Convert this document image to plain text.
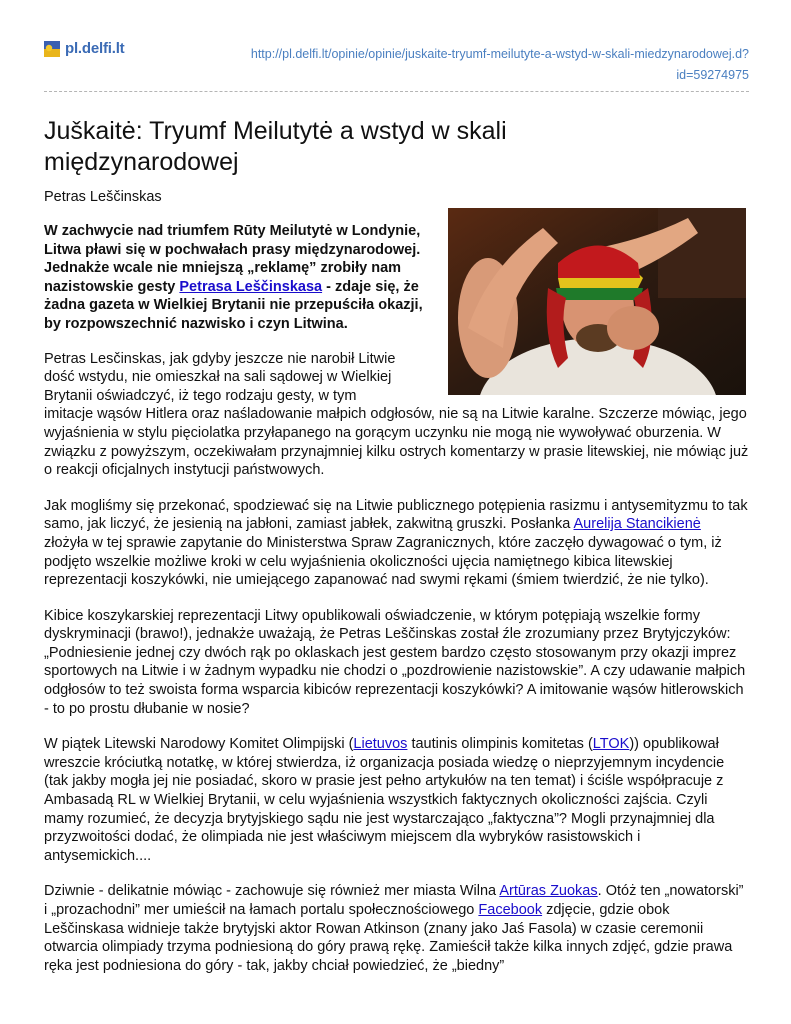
pl.delfi.lt	http://pl.delfi.lt/opinie/opinie/juskaite-tryumf-meilutyte-a-wstyd-w-skali-miedzynarodowej.d?
id=59274975
Juškaitė: Tryumf Meilutytė a wstyd w skali międzynarodowej
Petras Leščinskas

W zachwycie nad triumfem Rūty Meilutytė w Londynie, Litwa pławi się w pochwałach prasy międzynarodowej. Jednakże wcale nie mniejszą „reklamę” zrobiły nam nazistowskie gesty Petrasa Leščinskasa - zdaje się, że żadna gazeta w Wielkiej Brytanii nie przepuściła okazji, by rozpowszechnić nazwisko i czyn Litwina.

Petras Lesčinskas, jak gdyby jeszcze nie narobił Litwie dość wstydu, nie omieszkał na sali sądowej w Wielkiej Brytanii oświadczyć, iż tego rodzaju gesty, w tym
imitacje wąsów Hitlera oraz naśladowanie małpich odgłosów, nie są na Litwie karalne. Szczerze mówiąc, jego wyjaśnienia w stylu pięciolatka przyłapanego na gorącym uczynku nie mogą nie wywoływać oburzenia. W związku z powyższym, oczekiwałam przynajmniej kilku ostrych komentarzy w prasie litewskiej, nie mówiąc już o reakcji oficjalnych instytucji państwowych.

Jak mogliśmy się przekonać, spodziewać się na Litwie publicznego potępienia rasizmu i antysemityzmu to tak samo, jak liczyć, że jesienią na jabłoni, zamiast jabłek, zakwitną gruszki. Posłanka Aurelija Stancikienė złożyła w tej sprawie zapytanie do Ministerstwa Spraw Zagranicznych, które zaczęło dywagować o tym, iż podjęto wszelkie możliwe kroki w celu wyjaśnienia okoliczności ujęcia namiętnego kibica litewskiej reprezentacji koszykówki, nie umiejącego zapanować nad swymi rękami (śmiem twierdzić, że nie tylko).

Kibice koszykarskiej reprezentacji Litwy opublikowali oświadczenie, w którym potępiają wszelkie formy dyskryminacji (brawo!), jednakże uważają, że Petras Leščinskas został źle zrozumiany przez Brytyjczyków: „Podniesienie jednej czy dwóch rąk po oklaskach jest gestem bardzo często stosowanym przy okazji imprez sportowych na Litwie i w żadnym wypadku nie chodzi o „pozdrowienie nazistowskie”. A czy udawanie małpich odgłosów to też swoista forma wsparcia kibiców reprezentacji koszykówki? A imitowanie wąsów hitlerowskich - to po prostu dłubanie w nosie?

W piątek Litewski Narodowy Komitet Olimpijski (Lietuvos tautinis olimpinis komitetas (LTOK)) opublikował wreszcie króciutką notatkę, w której stwierdza, iż organizacja posiada wiedzę o nieprzyjemnym incydencie (tak jakby mogła jej nie posiadać, skoro w prasie jest pełno artykułów na ten temat) i ściśle współpracuje z Ambasadą RL w Wielkiej Brytanii, w celu wyjaśnienia wszystkich faktycznych okoliczności zajścia. Czyli mamy rozumieć, że decyzja brytyjskiego sądu nie jest wystarczająco „faktyczna”? Mogli przynajmniej dla przyzwoitości dodać, że olimpiada nie jest właściwym miejscem dla wybryków rasistowskich i antysemickich....

Dziwnie - delikatnie mówiąc - zachowuje się również mer miasta Wilna Artūras Zuokas. Otóż ten „nowatorski” i „prozachodni” mer umieścił na łamach portalu społecznościowego Facebook zdjęcie, gdzie obok Leščinskasa widnieje także brytyjski aktor Rowan Atkinson (znany jako Jaś Fasola) w czasie ceremonii otwarcia olimpiady trzyma podniesioną do góry prawą rękę. Zamieścił także kilka innych zdjęć, gdzie prawa ręka jest podniesiona do góry - tak, jakby chciał powiedzieć, że „biedny”
